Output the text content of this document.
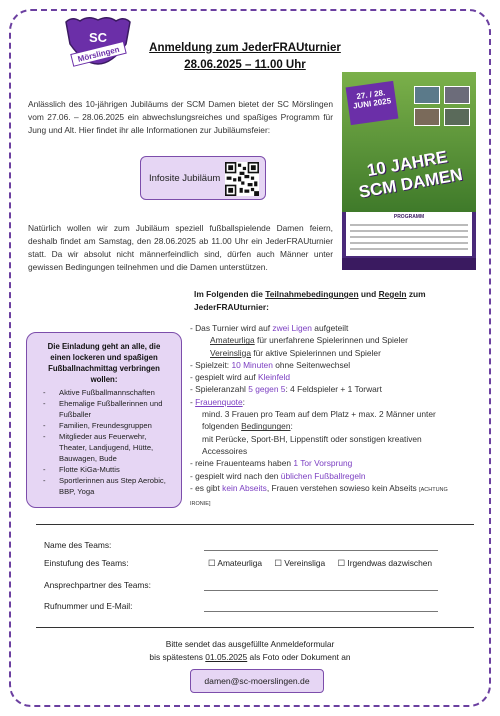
SC
Mörslingen	Anmeldung zum JederFRAUturnier
28.06.2025 – 11.00 Uhr
Anlässlich des 10-jährigen Jubiläums der SCM Damen bietet der SC Mörslingen vom 27.06. – 28.06.2025 ein abwechslungsreiches und spaßiges Programm für Jung und Alt. Hier findet ihr alle Informationen zur Jubiläumsfeier:
Infosite Jubiläum
Natürlich wollen wir zum Jubiläum speziell fußballspielende Damen feiern, deshalb findet am Samstag, den 28.06.2025 ab 11.00 Uhr ein JederFRAUturnier statt. Da wir absolut nicht männerfeindlich sind, dürfen auch Männer unter gewissen Bedingungen teilnehmen und die Damen unterstützen.
27. / 28. JUNI 2025
10 JAHRE SCM DAMEN
PROGRAMM
Im Folgenden die Teilnahmebedingungen und Regeln zum JederFRAUturnier:
Die Einladung geht an alle, die einen lockeren und spaßigen Fußballnachmittag verbringen wollen:
- Aktive Fußballmannschaften
- Ehemalige Fußballerinnen und Fußballer
- Familien, Freundesgruppen
- Mitglieder aus Feuerwehr, Theater, Landjugend, Hütte, Bauwagen, Bude
- Flotte KiGa-Muttis
- Sportlerinnen aus Step Aerobic, BBP, Yoga
- Das Turnier wird auf zwei Ligen aufgeteilt
Amateurliga für unerfahrene Spielerinnen und Spieler
Vereinsliga für aktive Spielerinnen und Spieler
- Spielzeit: 10 Minuten ohne Seitenwechsel
- gespielt wird auf Kleinfeld
- Spieleranzahl 5 gegen 5: 4 Feldspieler + 1 Torwart
- Frauenquote:
mind. 3 Frauen pro Team auf dem Platz + max. 2 Männer unter folgenden Bedingungen:
mit Perücke, Sport-BH, Lippenstift oder sonstigen kreativen Accessoires
- reine Frauenteams haben 1 Tor Vorsprung
- gespielt wird nach den üblichen Fußballregeln
- es gibt kein Abseits, Frauen verstehen sowieso kein Abseits [ACHTUNG IRONIE]
Name des Teams:
Einstufung des Teams:	☐ Amateurliga ☐ Vereinsliga ☐ Irgendwas dazwischen
Ansprechpartner des Teams:
Rufnummer und E-Mail:
Bitte sendet das ausgefüllte Anmeldeformular
bis spätestens 01.05.2025 als Foto oder Dokument an
damen@sc-moerslingen.de
